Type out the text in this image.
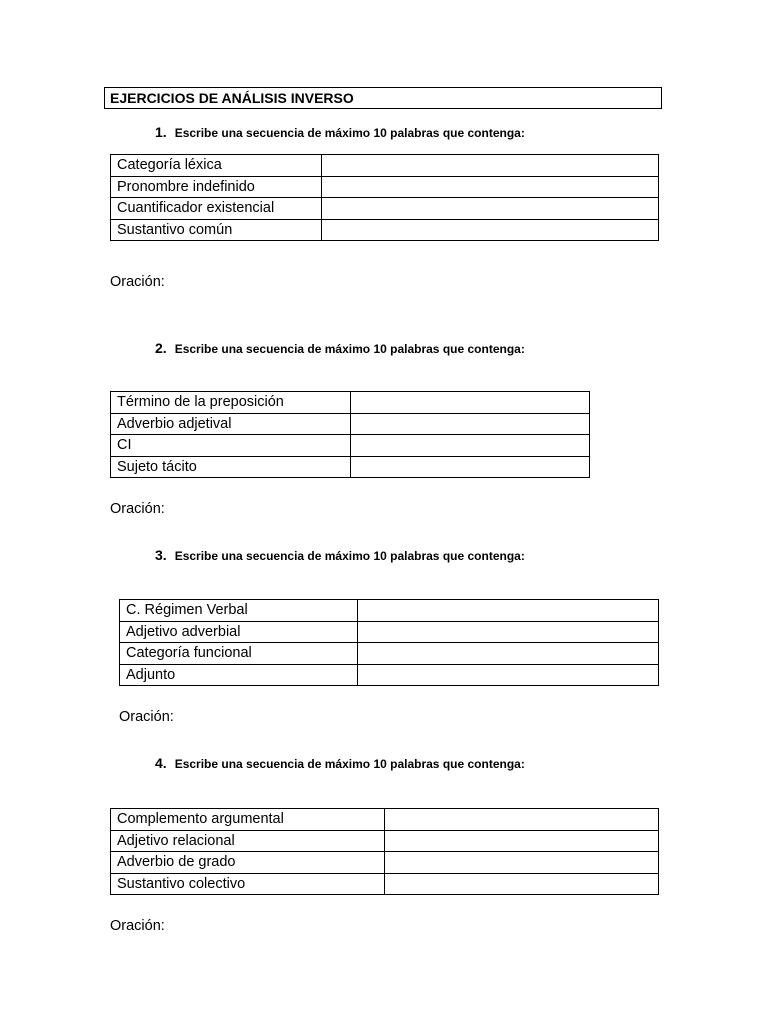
EJERCICIOS DE ANÁLISIS INVERSO
1. Escribe una secuencia de máximo 10 palabras que contenga:
Categoría léxica	
Pronombre indefinido	
Cuantificador existencial	
Sustantivo común	
Oración:
2. Escribe una secuencia de máximo 10 palabras que contenga:
Término de la preposición	
Adverbio adjetival	
CI	
Sujeto tácito	
Oración:
3. Escribe una secuencia de máximo 10 palabras que contenga:
C. Régimen Verbal	
Adjetivo adverbial	
Categoría funcional	
Adjunto	
Oración:
4. Escribe una secuencia de máximo 10 palabras que contenga:
Complemento argumental	
Adjetivo relacional	
Adverbio de grado	
Sustantivo colectivo	
Oración:
